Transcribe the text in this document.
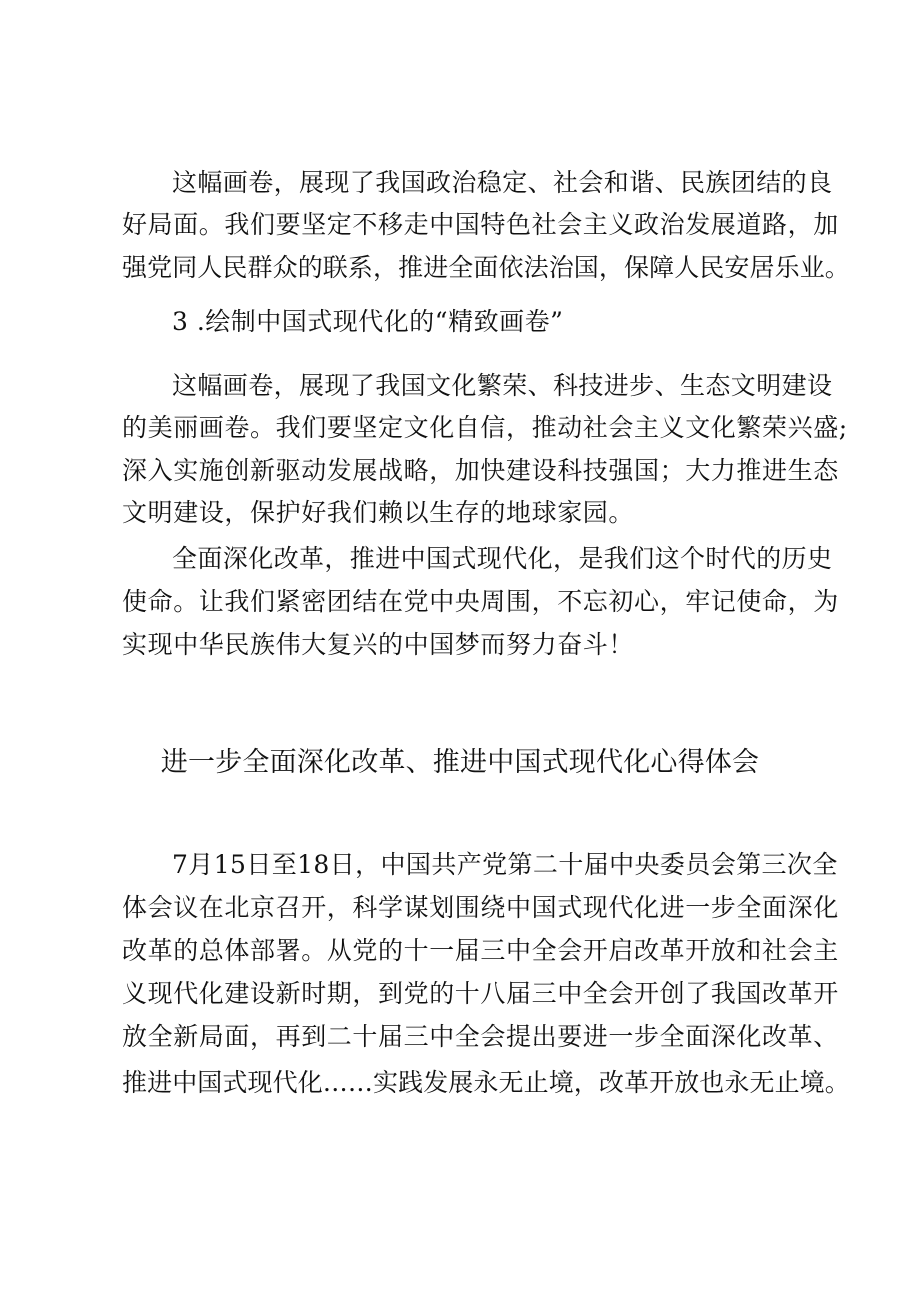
这幅画卷，展现了我国政治稳定、社会和谐、民族团结的良
好局面。我们要坚定不移走中国特色社会主义政治发展道路，加
强党同人民群众的联系，推进全面依法治国，保障人民安居乐业。
3 .绘制中国式现代化的“精致画卷”
这幅画卷，展现了我国文化繁荣、科技进步、生态文明建设
的美丽画卷。我们要坚定文化自信，推动社会主义文化繁荣兴盛;
深入实施创新驱动发展战略，加快建设科技强国；大力推进生态
文明建设，保护好我们赖以生存的地球家园。
全面深化改革，推进中国式现代化，是我们这个时代的历史
使命。让我们紧密团结在党中央周围，不忘初心，牢记使命，为
实现中华民族伟大复兴的中国梦而努力奋斗！
进一步全面深化改革、推进中国式现代化心得体会
7月15日至18日，中国共产党第二十届中央委员会第三次全
体会议在北京召开，科学谋划围绕中国式现代化进一步全面深化
改革的总体部署。从党的十一届三中全会开启改革开放和社会主
义现代化建设新时期，到党的十八届三中全会开创了我国改革开
放全新局面，再到二十届三中全会提出要进一步全面深化改革、
推进中国式现代化……实践发展永无止境，改革开放也永无止境。
